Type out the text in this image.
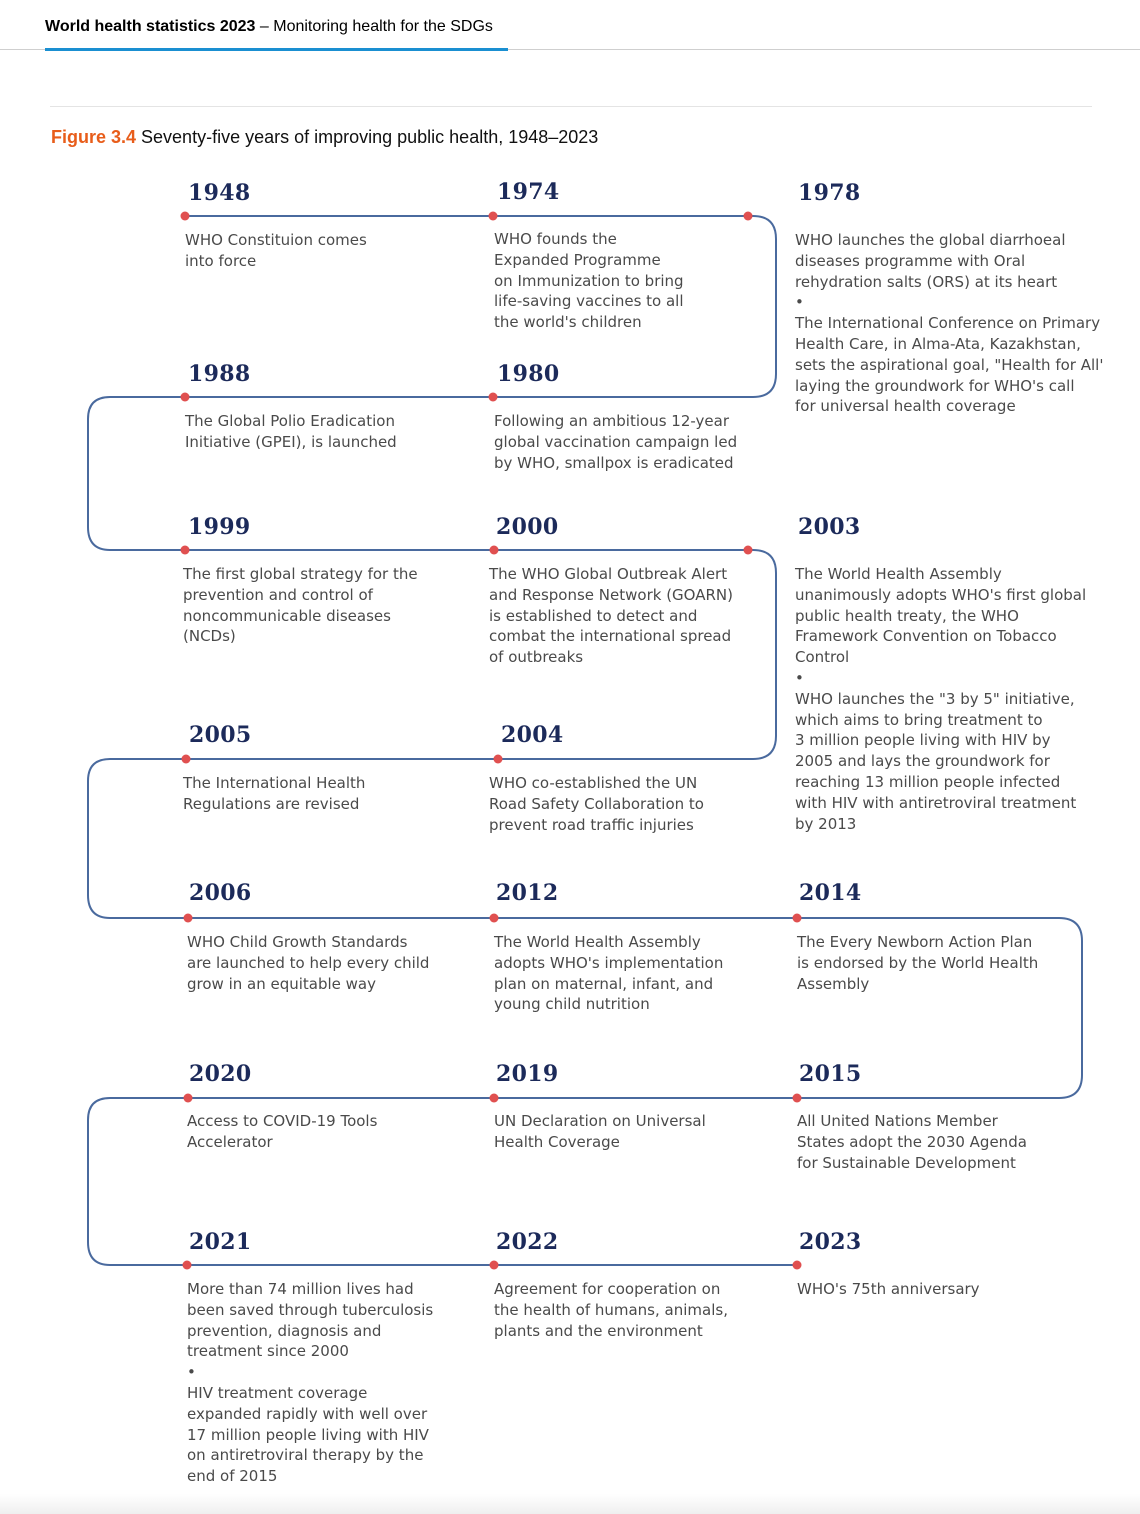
World health statistics 2023 – Monitoring health for the SDGs
Figure 3.4 Seventy-five years of improving public health, 1948–2023
1948

WHO Constituion comes

into force

1974

WHO founds the

Expanded Programme

on Immunization to bring

life-saving vaccines to all

the world's children

1978

WHO launches the global diarrhoeal

diseases programme with Oral

rehydration salts (ORS) at its heart

•

The International Conference on Primary

Health Care, in Alma-Ata, Kazakhstan,

sets the aspirational goal, "Health for All'

laying the groundwork for WHO's call

for universal health coverage

1988

The Global Polio Eradication

Initiative (GPEI), is launched

1980

Following an ambitious 12-year

global vaccination campaign led

by WHO, smallpox is eradicated

1999

The first global strategy for the

prevention and control of

noncommunicable diseases

(NCDs)

2000

The WHO Global Outbreak Alert

and Response Network (GOARN)

is established to detect and

combat the international spread

of outbreaks

2003

The World Health Assembly

unanimously adopts WHO's first global

public health treaty, the WHO

Framework Convention on Tobacco

Control

•

WHO launches the "3 by 5" initiative,

which aims to bring treatment to

3 million people living with HIV by

2005 and lays the groundwork for

reaching 13 million people infected

with HIV with antiretroviral treatment

by 2013

2005

The International Health

Regulations are revised

2004

WHO co-established the UN

Road Safety Collaboration to

prevent road traffic injuries

2006

WHO Child Growth Standards

are launched to help every child

grow in an equitable way

2012

The World Health Assembly

adopts WHO's implementation

plan on maternal, infant, and

young child nutrition

2014

The Every Newborn Action Plan

is endorsed by the World Health

Assembly

2020

Access to COVID-19 Tools

Accelerator

2019

UN Declaration on Universal

Health Coverage

2015

All United Nations Member

States adopt the 2030 Agenda

for Sustainable Development

2021

More than 74 million lives had

been saved through tuberculosis

prevention, diagnosis and

treatment since 2000

•

HIV treatment coverage

expanded rapidly with well over

17 million people living with HIV

on antiretroviral therapy by the

end of 2015

2022

Agreement for cooperation on

the health of humans, animals,

plants and the environment

2023

WHO's 75th anniversary
